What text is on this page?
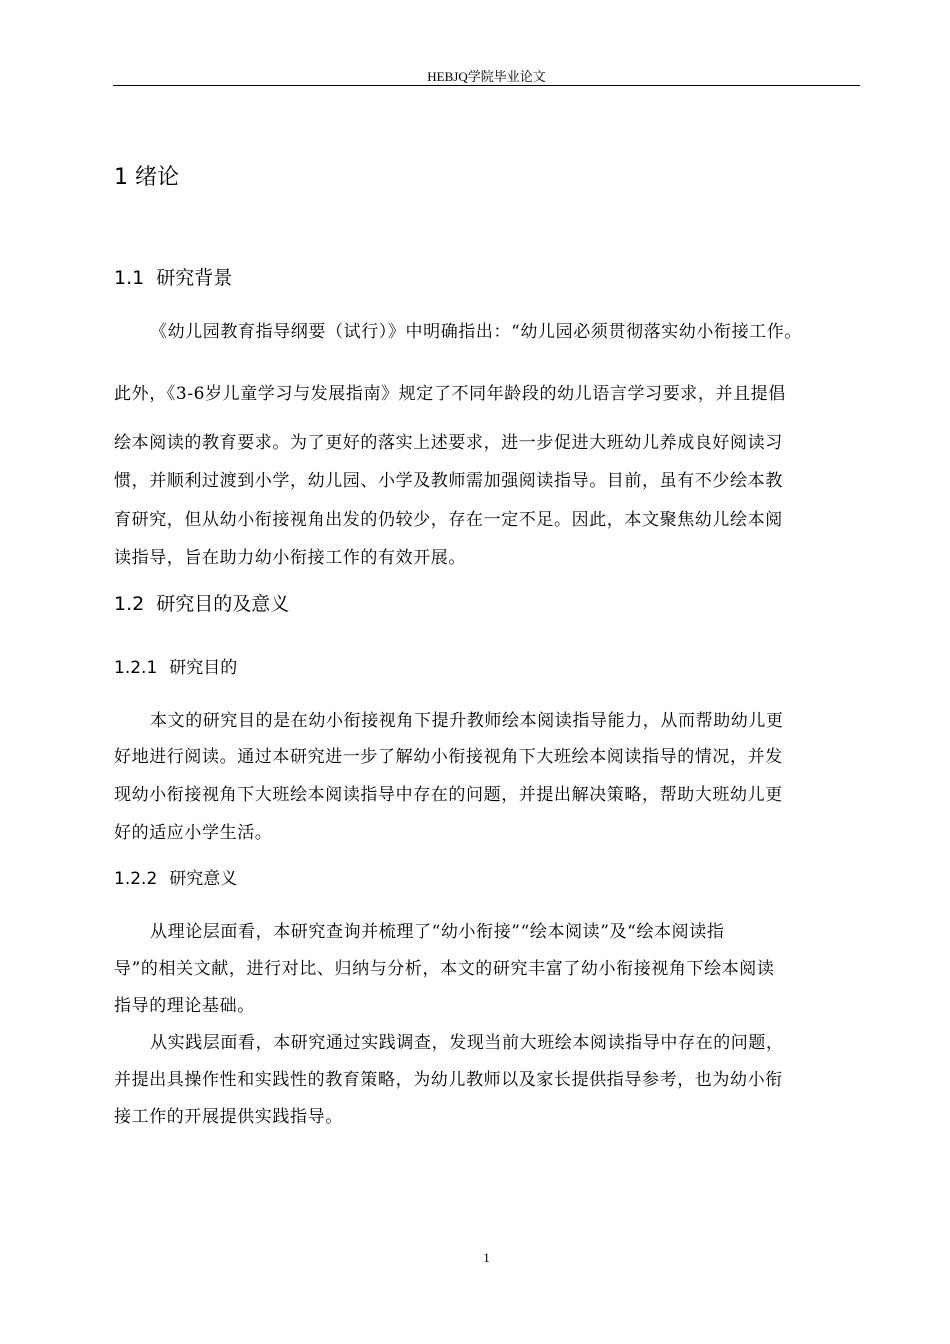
HEBJQ学院毕业论文
1 绪论
1.1 研究背景
《幼儿园教育指导纲要（试行）》中明确指出：“幼儿园必须贯彻落实幼小衔接工作。
此外，《3-6岁儿童学习与发展指南》规定了不同年龄段的幼儿语言学习要求，并且提倡
绘本阅读的教育要求。为了更好的落实上述要求，进一步促进大班幼儿养成良好阅读习
惯，并顺利过渡到小学，幼儿园、小学及教师需加强阅读指导。目前，虽有不少绘本教
育研究，但从幼小衔接视角出发的仍较少，存在一定不足。因此，本文聚焦幼儿绘本阅
读指导，旨在助力幼小衔接工作的有效开展。
1.2 研究目的及意义
1.2.1 研究目的
本文的研究目的是在幼小衔接视角下提升教师绘本阅读指导能力，从而帮助幼儿更
好地进行阅读。通过本研究进一步了解幼小衔接视角下大班绘本阅读指导的情况，并发
现幼小衔接视角下大班绘本阅读指导中存在的问题，并提出解决策略，帮助大班幼儿更
好的适应小学生活。
1.2.2 研究意义
从理论层面看，本研究查询并梳理了“幼小衔接”“绘本阅读”及“绘本阅读指
导”的相关文献，进行对比、归纳与分析，本文的研究丰富了幼小衔接视角下绘本阅读
指导的理论基础。
从实践层面看，本研究通过实践调查，发现当前大班绘本阅读指导中存在的问题，
并提出具操作性和实践性的教育策略，为幼儿教师以及家长提供指导参考，也为幼小衔
接工作的开展提供实践指导。
1
